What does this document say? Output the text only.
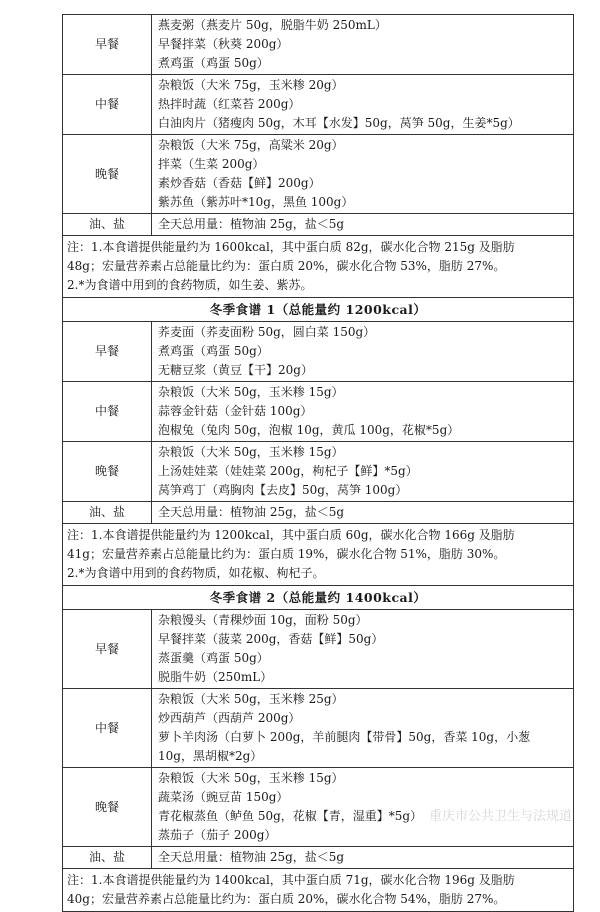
早餐	燕麦粥（燕麦片 50g，脱脂牛奶 250mL）
早餐拌菜（秋葵 200g）
煮鸡蛋（鸡蛋 50g）

中餐	杂粮饭（大米 75g，玉米糁 20g）
热拌时蔬（红菜苔 200g）
白油肉片（猪瘦肉 50g，木耳【水发】50g，莴笋 50g，生姜*5g）

晚餐	杂粮饭（大米 75g，高粱米 20g）
拌菜（生菜 200g）
素炒香菇（香菇【鲜】200g）
紫苏鱼（紫苏叶*10g，黑鱼 100g）

油、盐	全天总用量：植物油 25g，盐＜5g

注：1.本食谱提供能量约为 1600kcal，其中蛋白质 82g，碳水化合物 215g 及脂肪
48g；宏量营养素占总能量比约为：蛋白质 20%，碳水化合物 53%，脂肪 27%。
2.*为食谱中用到的食药物质，如生姜、紫苏。	

冬季食谱 1（总能量约 1200kcal）	
早餐	荞麦面（荞麦面粉 50g，圆白菜 150g）
煮鸡蛋（鸡蛋 50g）
无糖豆浆（黄豆【干】20g）

中餐	杂粮饭（大米 50g，玉米糁 15g）
蒜蓉金针菇（金针菇 100g）
泡椒兔（兔肉 50g，泡椒 10g，黄瓜 100g，花椒*5g）

晚餐	杂粮饭（大米 50g，玉米糁 15g）
上汤娃娃菜（娃娃菜 200g，枸杞子【鲜】*5g）
莴笋鸡丁（鸡胸肉【去皮】50g，莴笋 100g）

油、盐	全天总用量：植物油 25g，盐＜5g

注：1.本食谱提供能量约为 1200kcal，其中蛋白质 60g，碳水化合物 166g 及脂肪
41g；宏量营养素占总能量比约为：蛋白质 19%，碳水化合物 51%，脂肪 30%。
2.*为食谱中用到的食药物质，如花椒、枸杞子。	

冬季食谱 2（总能量约 1400kcal）	
早餐	杂粮馒头（青稞炒面 10g，面粉 50g）
早餐拌菜（菠菜 200g，香菇【鲜】50g）
蒸蛋羹（鸡蛋 50g）
脱脂牛奶（250mL）

中餐	杂粮饭（大米 50g，玉米糁 25g）
炒西葫芦（西葫芦 200g）
萝卜羊肉汤（白萝卜 200g，羊前腿肉【带骨】50g，香菜 10g，小葱
10g，黑胡椒*2g）

晚餐	杂粮饭（大米 50g，玉米糁 15g）
蔬菜汤（豌豆苗 150g）
青花椒蒸鱼（鲈鱼 50g，花椒【青，湿重】*5g）
蒸茄子（茄子 200g）

油、盐	全天总用量：植物油 25g，盐＜5g

注：1.本食谱提供能量约为 1400kcal，其中蛋白质 71g，碳水化合物 196g 及脂肪
40g；宏量营养素占总能量比约为：蛋白质 20%，碳水化合物 54%，脂肪 27%。	
重庆市公共卫生与法规道
